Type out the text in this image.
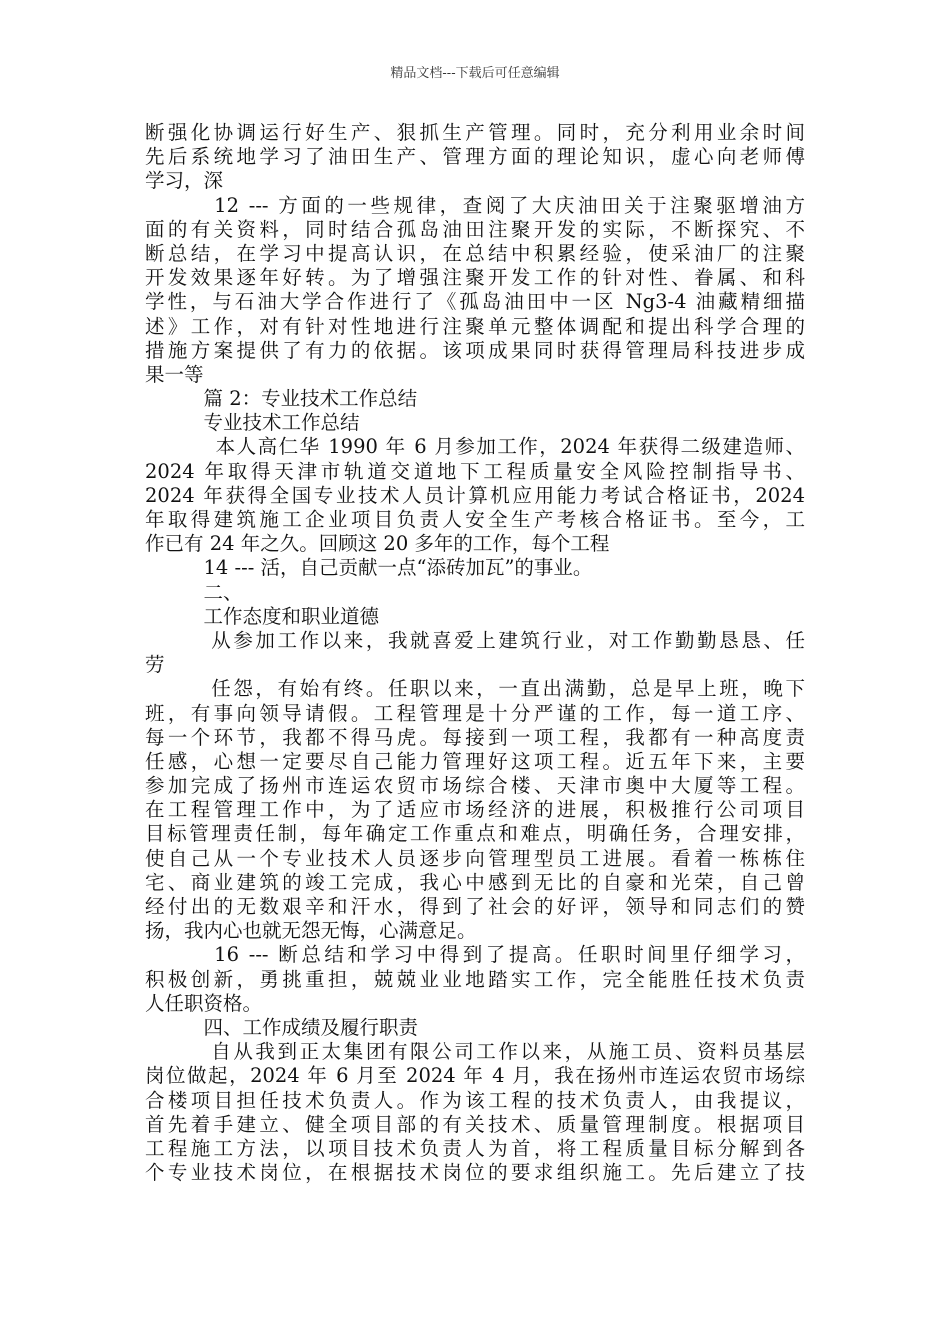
精品文档---下载后可任意编辑
断强化协调运行好生产、狠抓生产管理。同时，充分利用业余时间
先后系统地学习了油田生产、管理方面的理论知识，虚心向老师傅
学习，深
　　　12 --- 方面的一些规律，查阅了大庆油田关于注聚驱增油方
面的有关资料，同时结合孤岛油田注聚开发的实际，不断探究、不
断总结，在学习中提高认识，在总结中积累经验，使采油厂的注聚
开发效果逐年好转。为了增强注聚开发工作的针对性、眷属、和科
学性，与石油大学合作进行了《孤岛油田中一区 Ng3-4 油藏精细描
述》工作，对有针对性地进行注聚单元整体调配和提出科学合理的
措施方案提供了有力的依据。该项成果同时获得管理局科技进步成
果一等
　　　篇 2：专业技术工作总结
　　　专业技术工作总结
　　　 本人高仁华 1990 年 6 月参加工作，2024 年获得二级建造师、
2024 年取得天津市轨道交道地下工程质量安全风险控制指导书、
2024 年获得全国专业技术人员计算机应用能力考试合格证书，2024
年取得建筑施工企业项目负责人安全生产考核合格证书。至今，工
作已有 24 年之久。回顾这 20 多年的工作，每个工程
　　　14 --- 活，自己贡献一点“添砖加瓦”的事业。
　　　二、
　　　工作态度和职业道德
　　　从参加工作以来，我就喜爱上建筑行业，对工作勤勤恳恳、任
劳
　　　任怨，有始有终。任职以来，一直出满勤，总是早上班，晚下
班，有事向领导请假。工程管理是十分严谨的工作，每一道工序、
每一个环节，我都不得马虎。每接到一项工程，我都有一种高度责
任感，心想一定要尽自己能力管理好这项工程。近五年下来，主要
参加完成了扬州市连运农贸市场综合楼、天津市奥中大厦等工程。
在工程管理工作中，为了适应市场经济的进展，积极推行公司项目
目标管理责任制，每年确定工作重点和难点，明确任务，合理安排，
使自己从一个专业技术人员逐步向管理型员工进展。看着一栋栋住
宅、商业建筑的竣工完成，我心中感到无比的自豪和光荣，自己曾
经付出的无数艰辛和汗水，得到了社会的好评，领导和同志们的赞
扬，我内心也就无怨无悔，心满意足。
　　　16 --- 断总结和学习中得到了提高。任职时间里仔细学习，
积极创新，勇挑重担，兢兢业业地踏实工作，完全能胜任技术负责
人任职资格。
　　　四、工作成绩及履行职责
　　　自从我到正太集团有限公司工作以来，从施工员、资料员基层
岗位做起，2024 年 6 月至 2024 年 4 月，我在扬州市连运农贸市场综
合楼项目担任技术负责人。作为该工程的技术负责人，由我提议，
首先着手建立、健全项目部的有关技术、质量管理制度。根据项目
工程施工方法，以项目技术负责人为首，将工程质量目标分解到各
个专业技术岗位，在根据技术岗位的要求组织施工。先后建立了技
